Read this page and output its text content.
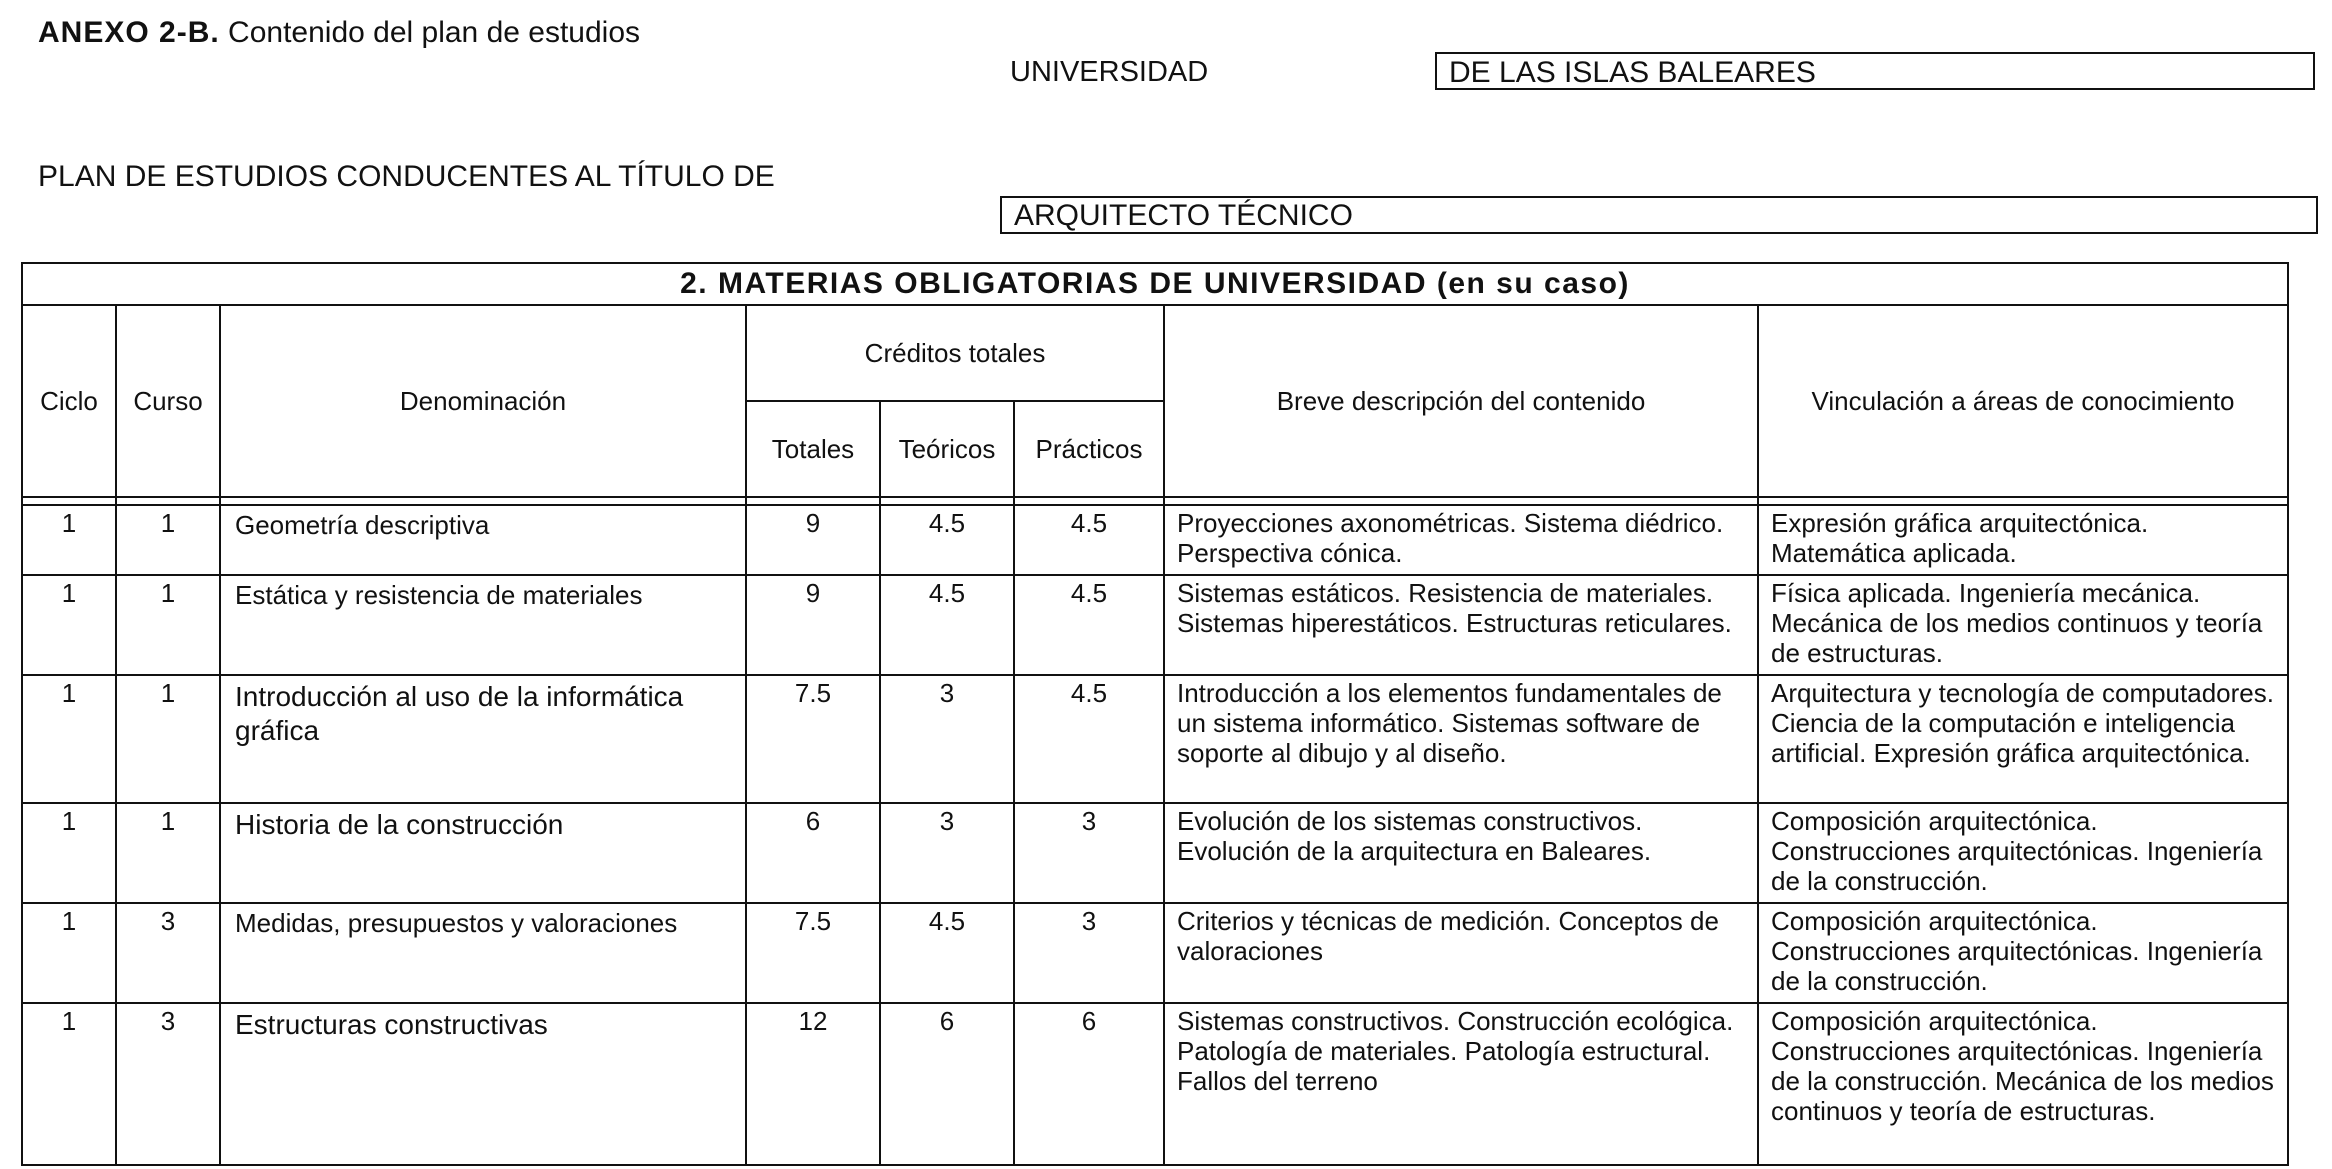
ANEXO 2-B. Contenido del plan de estudios
UNIVERSIDAD	DE LAS ISLAS BALEARES
PLAN DE ESTUDIOS CONDUCENTES AL TÍTULO DE
ARQUITECTO TÉCNICO
2. MATERIAS OBLIGATORIAS DE UNIVERSIDAD (en su caso)							
Ciclo	Curso	Denominación	Créditos totales			Breve descripción del contenido	Vinculación a áreas de conocimiento
			Totales	Teóricos	Prácticos		

1	1	Geometría descriptiva	9	4.5	4.5	Proyecciones axonométricas. Sistema diédrico. Perspectiva cónica.	Expresión gráfica arquitectónica. Matemática aplicada.
1	1	Estática y resistencia de materiales	9	4.5	4.5	Sistemas estáticos. Resistencia de materiales. Sistemas hiperestáticos. Estructuras reticulares.	Física aplicada. Ingeniería mecánica. Mecánica de los medios continuos y teoría de estructuras.
1	1	Introducción al uso de la informática gráfica	7.5	3	4.5	Introducción a los elementos fundamentales de un sistema informático. Sistemas software de soporte al dibujo y al diseño.	Arquitectura y tecnología de computadores. Ciencia de la computación e inteligencia artificial. Expresión gráfica arquitectónica.
1	1	Historia de la construcción	6	3	3	Evolución de los sistemas constructivos. Evolución de la arquitectura en Baleares.	Composición arquitectónica. Construcciones arquitectónicas. Ingeniería de la construcción.
1	3	Medidas, presupuestos y valoraciones	7.5	4.5	3	Criterios y técnicas de medición. Conceptos de valoraciones	Composición arquitectónica. Construcciones arquitectónicas. Ingeniería de la construcción.
1	3	Estructuras constructivas	12	6	6	Sistemas constructivos. Construcción ecológica. Patología de materiales. Patología estructural. Fallos del terreno	Composición arquitectónica. Construcciones arquitectónicas. Ingeniería de la construcción. Mecánica de los medios continuos y teoría de estructuras.
